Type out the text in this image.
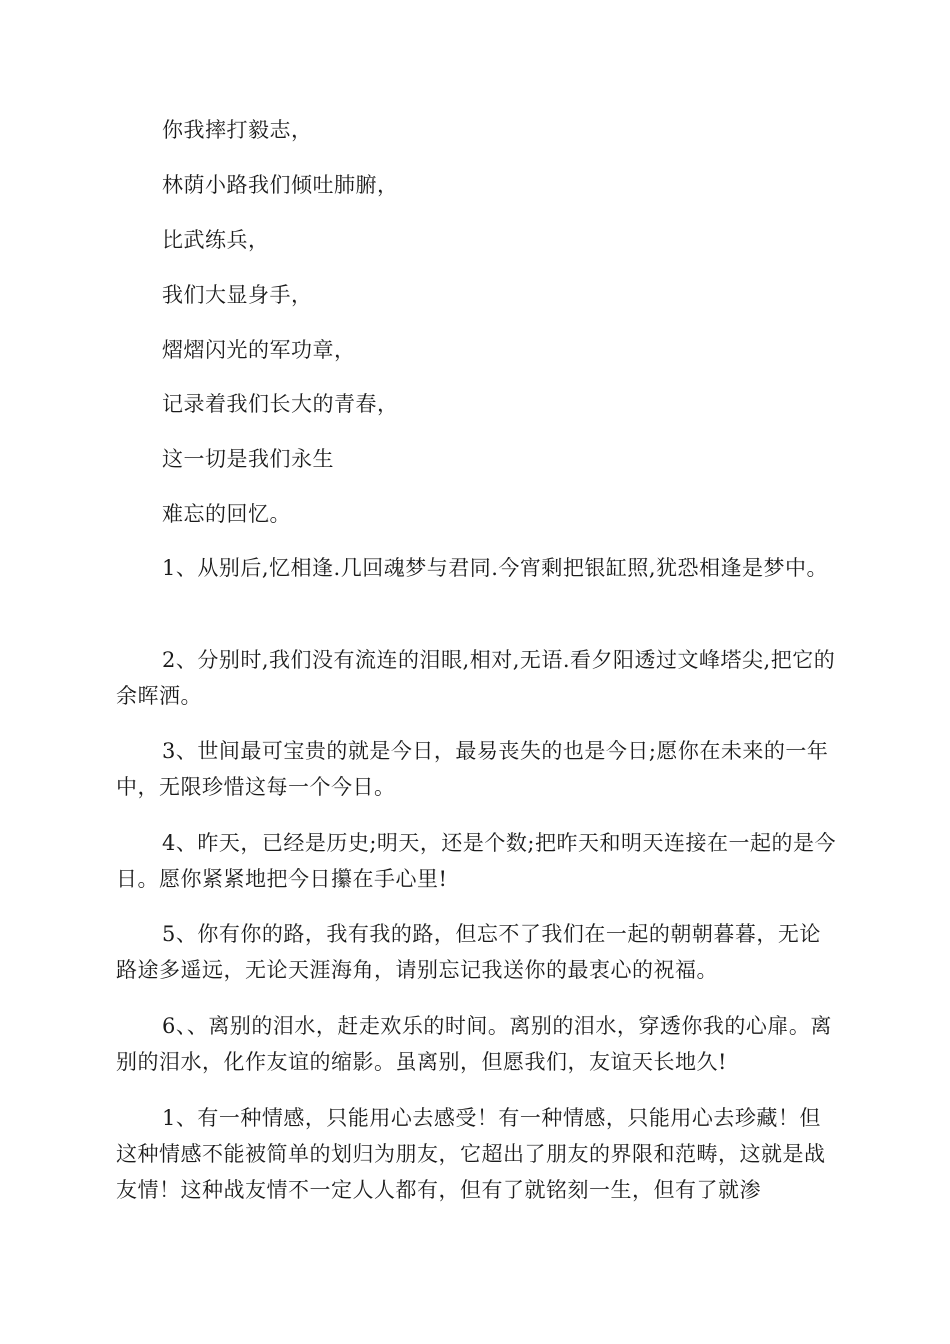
你我摔打毅志，

林荫小路我们倾吐肺腑，

比武练兵，

我们大显身手，

熠熠闪光的军功章，

记录着我们长大的青春，

这一切是我们永生

难忘的回忆。

1、从别后,忆相逢.几回魂梦与君同.今宵剩把银缸照,犹恐相逢是梦中。

2、分别时,我们没有流连的泪眼,相对,无语.看夕阳透过文峰塔尖,把它的余晖洒。

3、世间最可宝贵的就是今日，最易丧失的也是今日;愿你在未来的一年中，无限珍惜这每一个今日。

4、昨天，已经是历史;明天，还是个数;把昨天和明天连接在一起的是今日。愿你紧紧地把今日攥在手心里!

5、你有你的路，我有我的路，但忘不了我们在一起的朝朝暮暮，无论路途多遥远，无论天涯海角，请别忘记我送你的最衷心的祝福。

6、、离别的泪水，赶走欢乐的时间。离别的泪水，穿透你我的心扉。离别的泪水，化作友谊的缩影。虽离别，但愿我们，友谊天长地久!

1、有一种情感，只能用心去感受！有一种情感，只能用心去珍藏！但这种情感不能被简单的划归为朋友，它超出了朋友的界限和范畴，这就是战友情！这种战友情不一定人人都有，但有了就铭刻一生，但有了就渗
